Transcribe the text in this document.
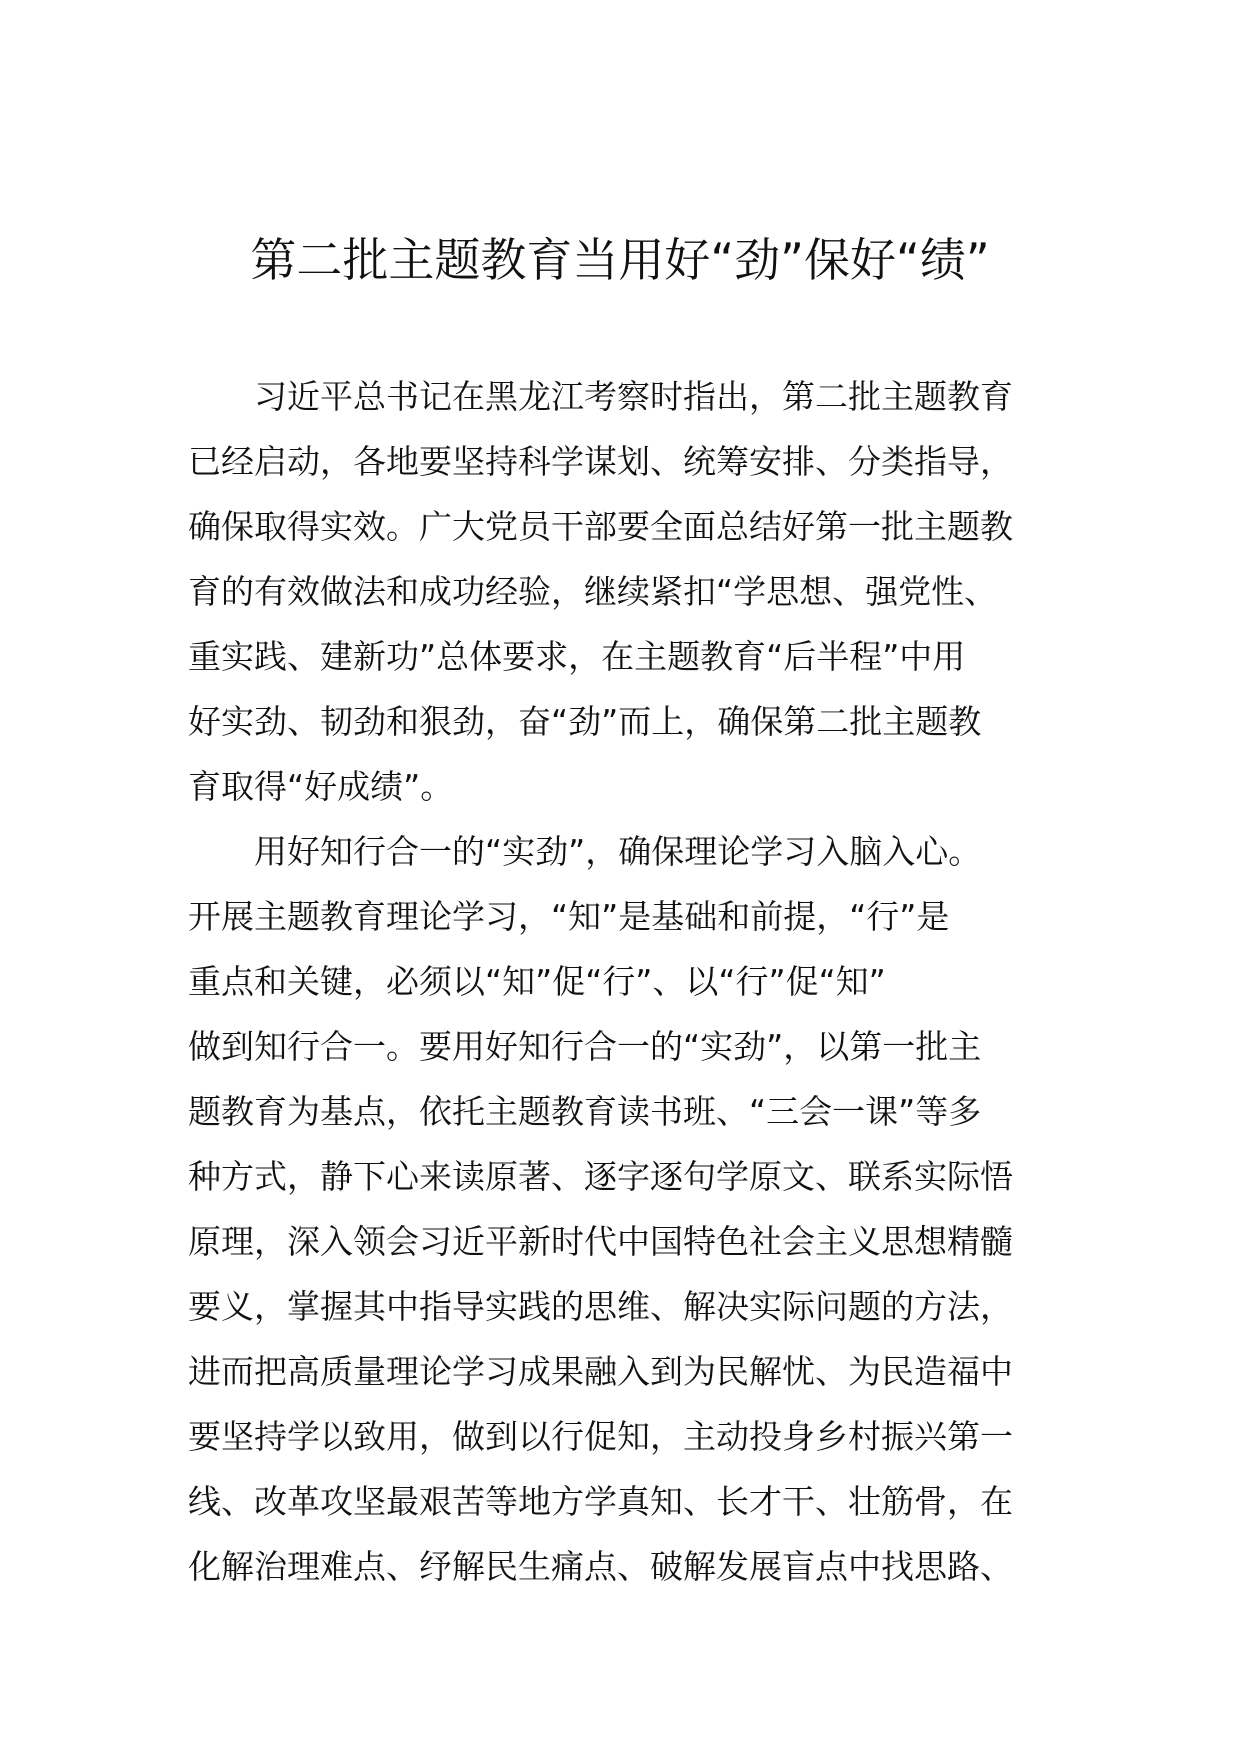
第二批主题教育当用好“劲”保好“绩”
习近平总书记在黑龙江考察时指出，第二批主题教育
已经启动，各地要坚持科学谋划、统筹安排、分类指导，
确保取得实效。广大党员干部要全面总结好第一批主题教
育的有效做法和成功经验，继续紧扣“学思想、强党性、
重实践、建新功”总体要求，在主题教育“后半程”中用
好实劲、韧劲和狠劲，奋“劲”而上，确保第二批主题教
育取得“好成绩”。
用好知行合一的“实劲”，确保理论学习入脑入心。
开展主题教育理论学习，“知”是基础和前提，“行”是
重点和关键，必须以“知”促“行”、以“行”促“知”
做到知行合一。要用好知行合一的“实劲”，以第一批主
题教育为基点，依托主题教育读书班、“三会一课”等多
种方式，静下心来读原著、逐字逐句学原文、联系实际悟
原理，深入领会习近平新时代中国特色社会主义思想精髓
要义，掌握其中指导实践的思维、解决实际问题的方法，
进而把高质量理论学习成果融入到为民解忧、为民造福中
要坚持学以致用，做到以行促知，主动投身乡村振兴第一
线、改革攻坚最艰苦等地方学真知、长才干、壮筋骨，在
化解治理难点、纾解民生痛点、破解发展盲点中找思路、
